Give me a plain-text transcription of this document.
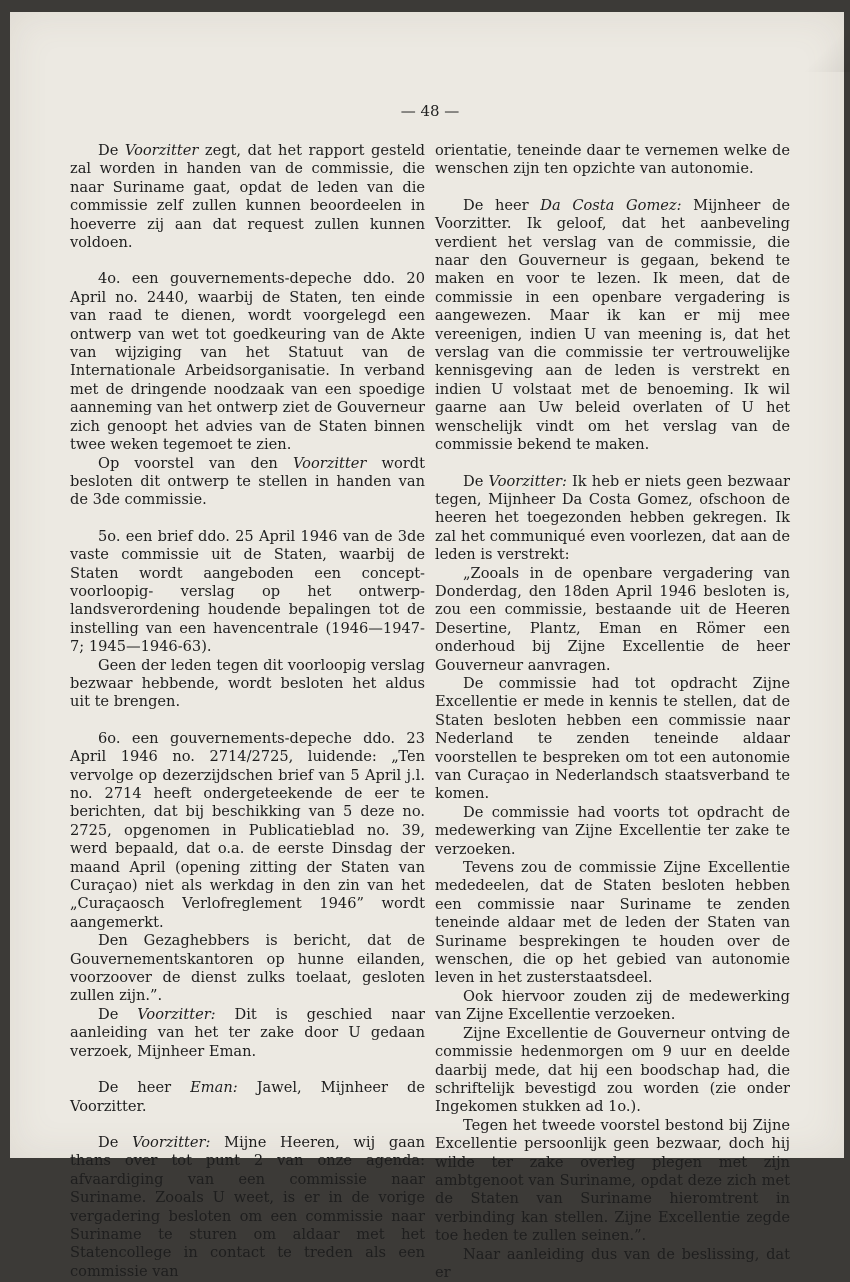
— 48 —

De Voorzitter zegt, dat het rapport gesteld zal worden in handen van de commissie, die naar Suriname gaat, opdat de leden van die commissie zelf zullen kunnen beoordeelen in hoeverre zij aan dat request zullen kunnen voldoen.

4o. een gouvernements-depeche ddo. 20 April no. 2440, waarbij de Staten, ten einde van raad te dienen, wordt voorgelegd een ontwerp van wet tot goedkeuring van de Akte van wijziging van het Statuut van de Internationale Arbeidsorganisatie. In verband met de dringende noodzaak van een spoedige aanneming van het ontwerp ziet de Gouverneur zich genoopt het advies van de Staten binnen twee weken tegemoet te zien.

Op voorstel van den Voorzitter wordt besloten dit ontwerp te stellen in handen van de 3de commissie.

5o. een brief ddo. 25 April 1946 van de 3de vaste commissie uit de Staten, waarbij de Staten wordt aangeboden een concept-voorloopig- verslag op het ontwerp-landsverordening houdende bepalingen tot de instelling van een havencentrale (1946—1947-7; 1945—1946-63).

Geen der leden tegen dit voorloopig verslag bezwaar hebbende, wordt besloten het aldus uit te brengen.

6o. een gouvernements-depeche ddo. 23 April 1946 no. 2714/2725, luidende: „Ten vervolge op dezerzijdschen brief van 5 April j.l. no. 2714 heeft ondergeteekende de eer te berichten, dat bij beschikking van 5 deze no. 2725, opgenomen in Publicatieblad no. 39, werd bepaald, dat o.a. de eerste Dinsdag der maand April (opening zitting der Staten van Curaçao) niet als werkdag in den zin van het „Curaçaosch Verlofreglement 1946” wordt aangemerkt.

Den Gezaghebbers is bericht, dat de Gouvernementskantoren op hunne eilanden, voorzoover de dienst zulks toelaat, gesloten zullen zijn.”.

De Voorzitter: Dit is geschied naar aanleiding van het ter zake door U gedaan verzoek, Mijnheer Eman.

De heer Eman: Jawel, Mijnheer de Voorzitter.

De Voorzitter: Mijne Heeren, wij gaan thans over tot punt 2 van onze agenda: afvaardiging van een commissie naar Suriname. Zooals U weet, is er in de vorige vergadering besloten om een commissie naar Suriname te sturen om aldaar met het Statencollege in contact te treden als een commissie van

orientatie, teneinde daar te vernemen welke de wenschen zijn ten opzichte van autonomie.

De heer Da Costa Gomez: Mijnheer de Voorzitter. Ik geloof, dat het aanbeveling verdient het verslag van de commissie, die naar den Gouverneur is gegaan, bekend te maken en voor te lezen. Ik meen, dat de commissie in een openbare vergadering is aangewezen. Maar ik kan er mij mee vereenigen, indien U van meening is, dat het verslag van die commissie ter vertrouwelijke kennisgeving aan de leden is verstrekt en indien U volstaat met de benoeming. Ik wil gaarne aan Uw beleid overlaten of U het wenschelijk vindt om het verslag van de commissie bekend te maken.

De Voorzitter: Ik heb er niets geen bezwaar tegen, Mijnheer Da Costa Gomez, ofschoon de heeren het toegezonden hebben gekregen. Ik zal het communiqué even voorlezen, dat aan de leden is verstrekt:

„Zooals in de openbare vergadering van Donderdag, den 18den April 1946 besloten is, zou een commissie, bestaande uit de Heeren Desertine, Plantz, Eman en Römer een onderhoud bij Zijne Excellentie de heer Gouverneur aanvragen.

De commissie had tot opdracht Zijne Excellentie er mede in kennis te stellen, dat de Staten besloten hebben een commissie naar Nederland te zenden teneinde aldaar voorstellen te bespreken om tot een autonomie van Curaçao in Nederlandsch staatsverband te komen.

De commissie had voorts tot opdracht de medewerking van Zijne Excellentie ter zake te verzoeken.

Tevens zou de commissie Zijne Excellentie mededeelen, dat de Staten besloten hebben een commissie naar Suriname te zenden teneinde aldaar met de leden der Staten van Suriname besprekingen te houden over de wenschen, die op het gebied van autonomie leven in het zusterstaatsdeel.

Ook hiervoor zouden zij de medewerking van Zijne Excellentie verzoeken.

Zijne Excellentie de Gouverneur ontving de commissie hedenmorgen om 9 uur en deelde daarbij mede, dat hij een boodschap had, die schriftelijk bevestigd zou worden (zie onder Ingekomen stukken ad 1o.).

Tegen het tweede voorstel bestond bij Zijne Excellentie persoonlijk geen bezwaar, doch hij wilde ter zake overleg plegen met zijn ambtgenoot van Suriname, opdat deze zich met de Staten van Suriname hieromtrent in verbinding kan stellen. Zijne Excellentie zegde toe heden te zullen seinen.”.

Naar aanleiding dus van de beslissing, dat er
